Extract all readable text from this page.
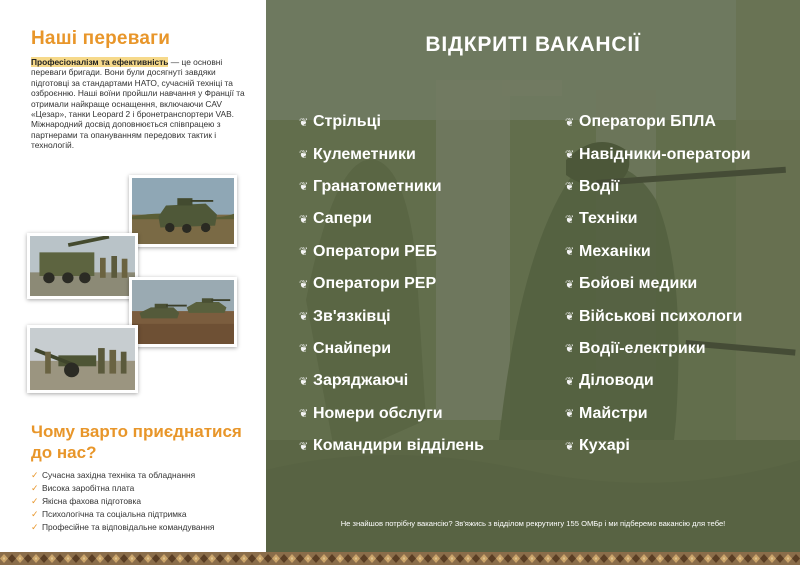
Наші переваги

Професіоналізм та ефективність — це основні переваги бригади. Вони були досягнуті завдяки підготовці за стандартами НАТО, сучасній техніці та озброєнню. Наші воїни пройшли навчання у Франції та отримали найкраще оснащення, включаючи CAV «Цезар», танки Leopard 2 і бронетранспортери VAB. Міжнародний досвід доповнюється співпрацею з партнерами та опануванням передових тактик і технологій.

Чому варто приєднатися до нас?
✓ Сучасна західна техніка та обладнання
✓ Висока заробітна плата
✓ Якісна фахова підготовка
✓ Психологічна та соціальна підтримка
✓ Професійне та відповідальне командування
ВІДКРИТІ ВАКАНСІЇ
❦ Стрільці
❦ Кулеметники
❦ Гранатометники
❦ Сапери
❦ Оператори РЕБ
❦ Оператори РЕР
❦ Зв'язківці
❦ Снайпери
❦ Заряджаючі
❦ Номери обслуги
❦ Командири відділень
❦ Оператори БПЛА
❦ Навідники-оператори
❦ Водії
❦ Техніки
❦ Механіки
❦ Бойові медики
❦ Військові психологи
❦ Водії-електрики
❦ Діловоди
❦ Майстри
❦ Кухарі

Не знайшов потрібну вакансію? Зв'яжись з відділом рекрутингу 155 ОМБр і ми підберемо вакансію для тебе!
